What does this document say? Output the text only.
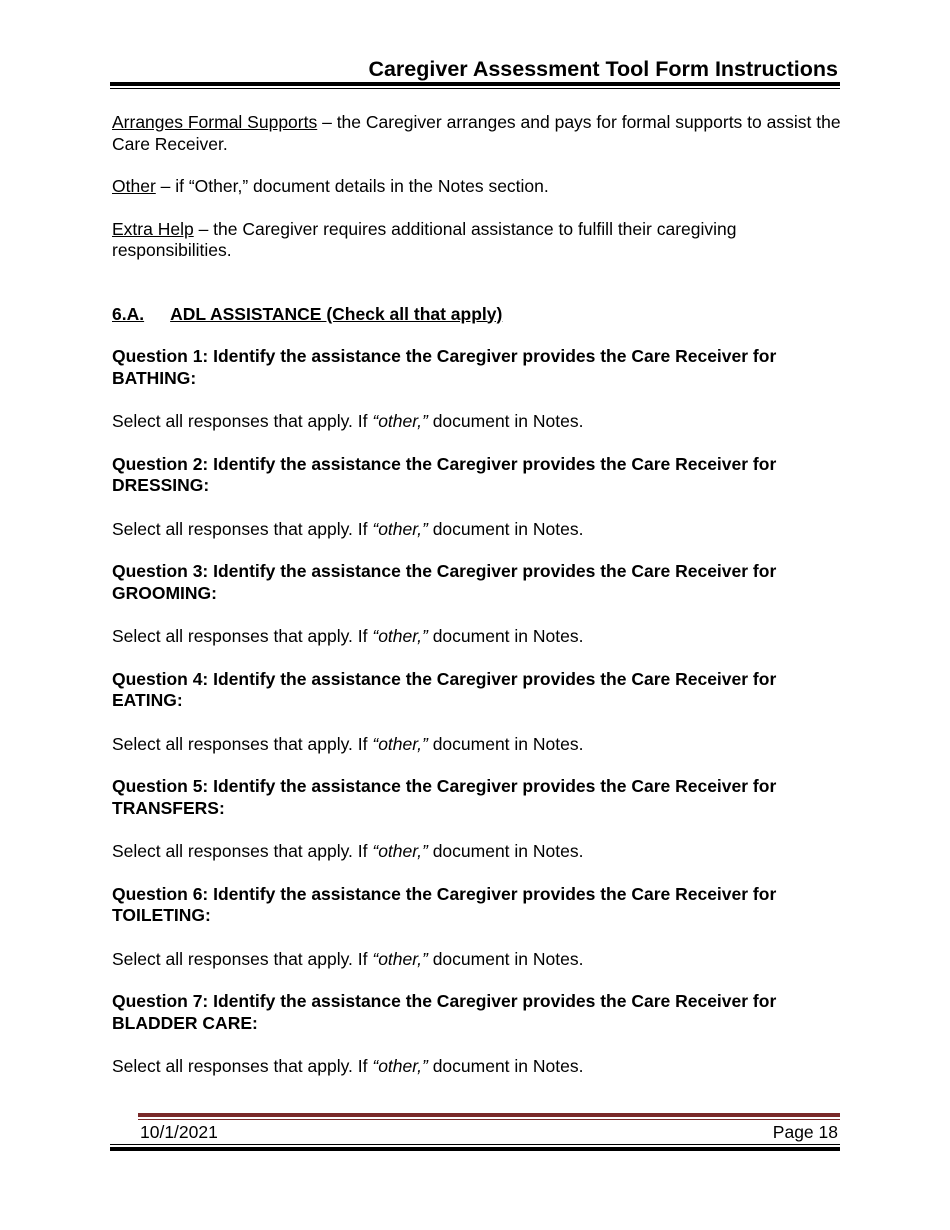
Caregiver Assessment Tool Form Instructions

Arranges Formal Supports – the Caregiver arranges and pays for formal supports to assist the Care Receiver.

Other – if “Other,” document details in the Notes section.

Extra Help – the Caregiver requires additional assistance to fulfill their caregiving responsibilities.

6.A. ADL ASSISTANCE (Check all that apply)

Question 1: Identify the assistance the Caregiver provides the Care Receiver for BATHING:

Select all responses that apply. If “other,” document in Notes.

Question 2: Identify the assistance the Caregiver provides the Care Receiver for DRESSING:

Select all responses that apply. If “other,” document in Notes.

Question 3: Identify the assistance the Caregiver provides the Care Receiver for GROOMING:

Select all responses that apply. If “other,” document in Notes.

Question 4: Identify the assistance the Caregiver provides the Care Receiver for EATING:

Select all responses that apply. If “other,” document in Notes.

Question 5: Identify the assistance the Caregiver provides the Care Receiver for TRANSFERS:

Select all responses that apply. If “other,” document in Notes.

Question 6: Identify the assistance the Caregiver provides the Care Receiver for TOILETING:

Select all responses that apply. If “other,” document in Notes.

Question 7: Identify the assistance the Caregiver provides the Care Receiver for BLADDER CARE:

Select all responses that apply. If “other,” document in Notes.

10/1/2021	Page 18
